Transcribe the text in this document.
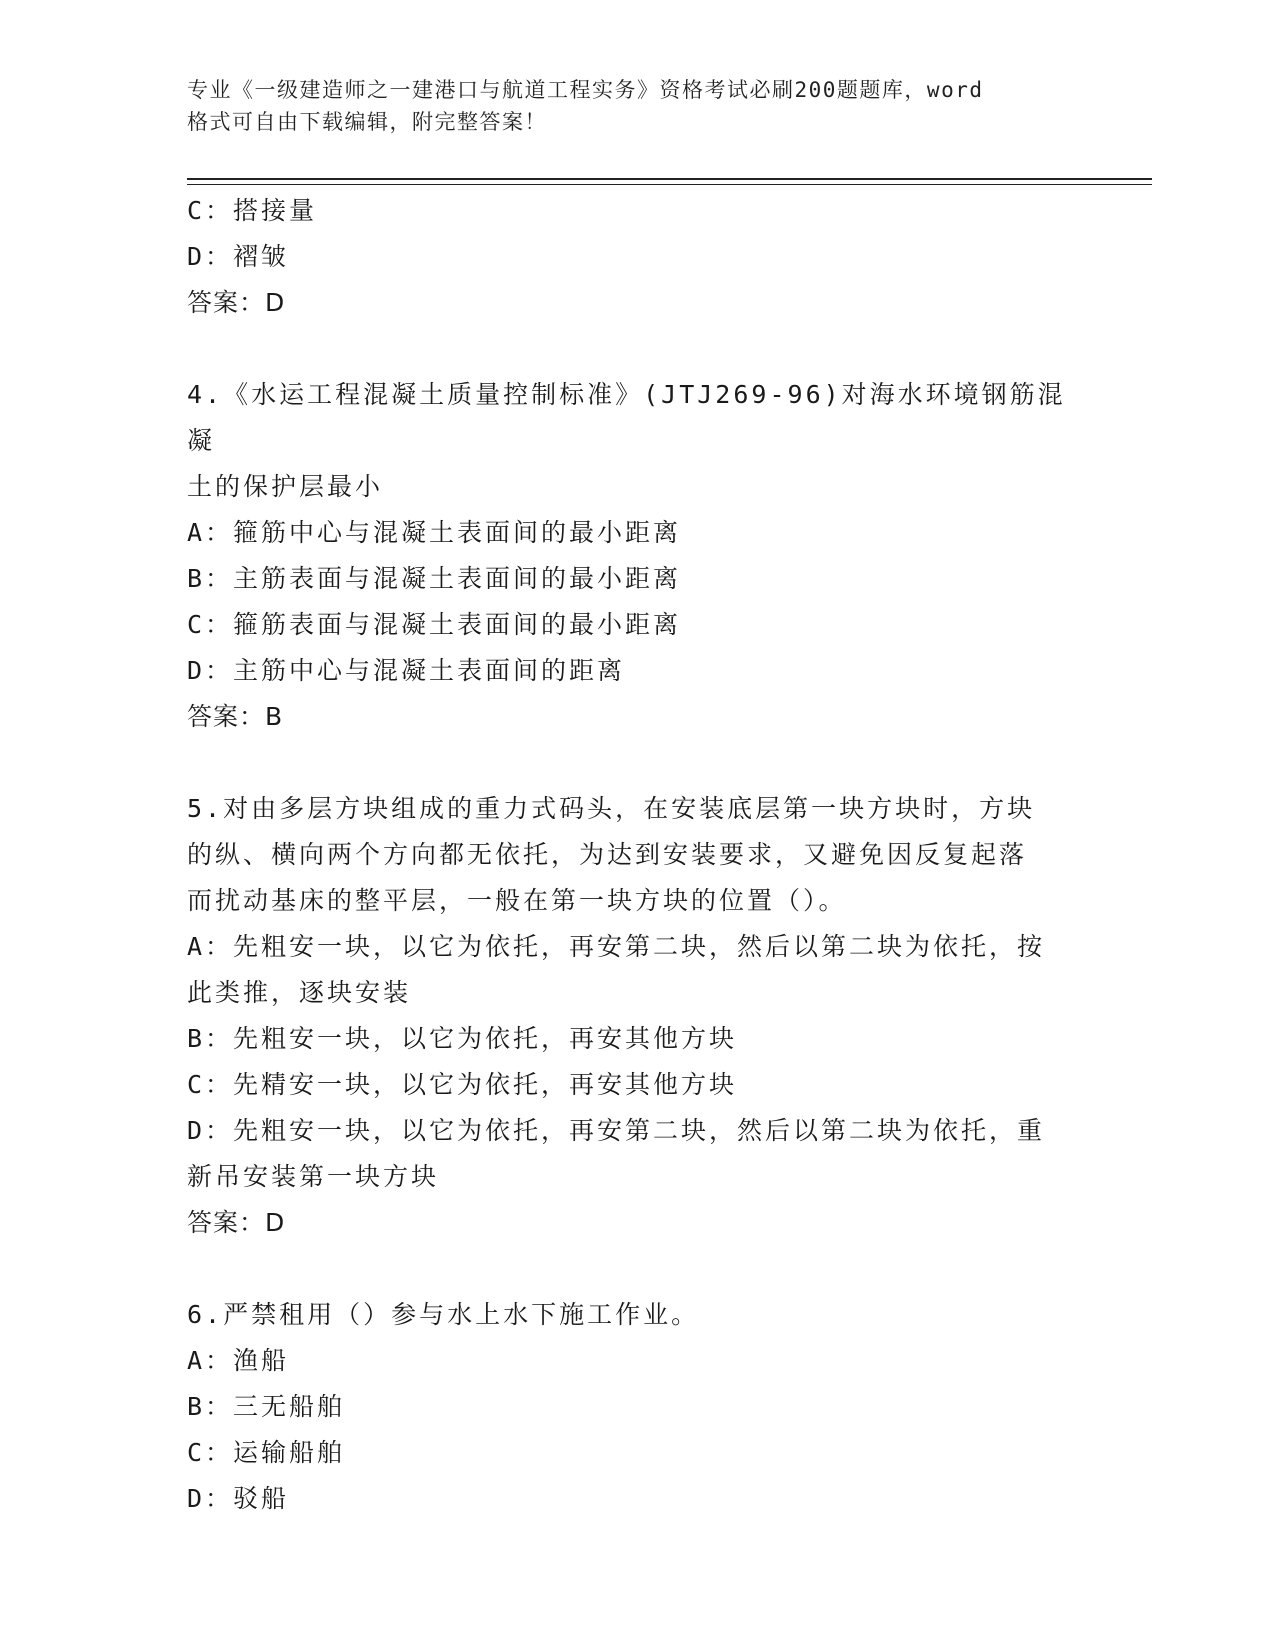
专业《一级建造师之一建港口与航道工程实务》资格考试必刷200题题库，word
格式可自由下载编辑，附完整答案！
C：搭接量
D：褶皱
答案：D
4.《水运工程混凝土质量控制标准》(JTJ269-96)对海水环境钢筋混凝
土的保护层最小
A：箍筋中心与混凝土表面间的最小距离
B：主筋表面与混凝土表面间的最小距离
C：箍筋表面与混凝土表面间的最小距离
D：主筋中心与混凝土表面间的距离
答案：B
5.对由多层方块组成的重力式码头，在安装底层第一块方块时，方块
的纵、横向两个方向都无依托，为达到安装要求，又避免因反复起落
而扰动基床的整平层，一般在第一块方块的位置（）。
A：先粗安一块，以它为依托，再安第二块，然后以第二块为依托，按
此类推，逐块安装
B：先粗安一块，以它为依托，再安其他方块
C：先精安一块，以它为依托，再安其他方块
D：先粗安一块，以它为依托，再安第二块，然后以第二块为依托，重
新吊安装第一块方块
答案：D
6.严禁租用（）参与水上水下施工作业。
A：渔船
B：三无船舶
C：运输船舶
D：驳船
